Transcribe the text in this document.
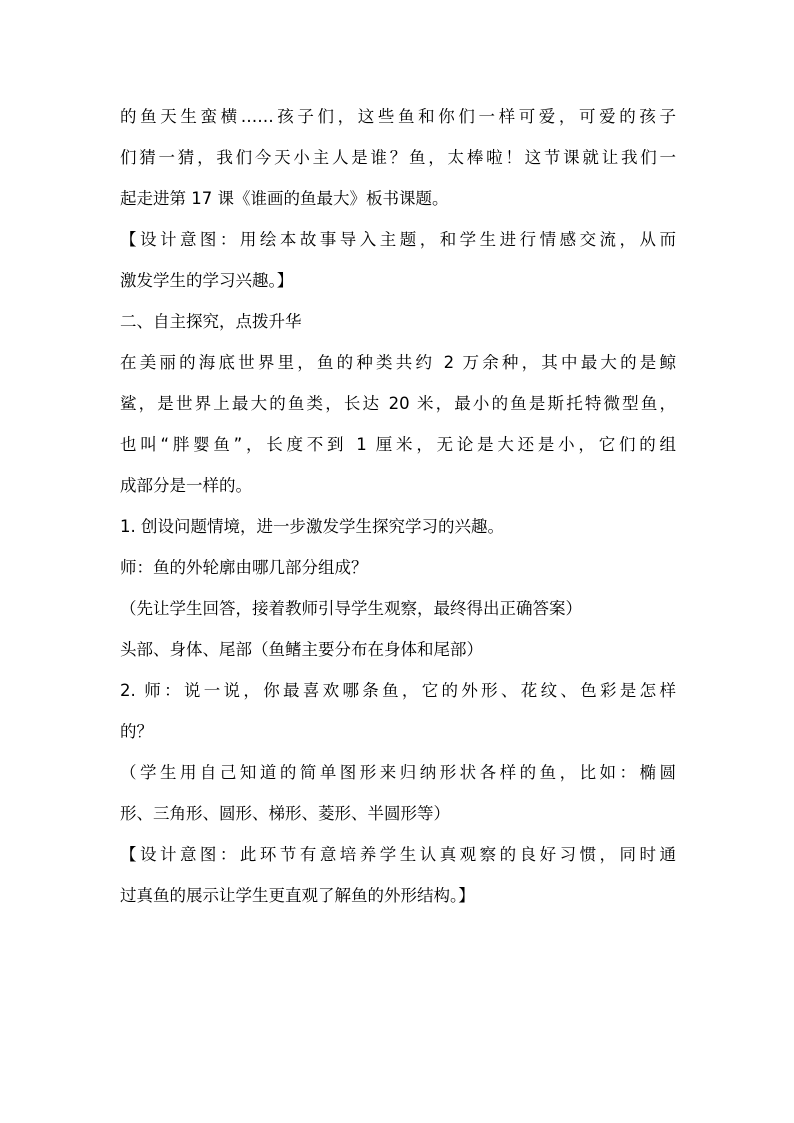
的鱼天生蛮横……孩子们，这些鱼和你们一样可爱，可爱的孩子
们猜一猜，我们今天小主人是谁？鱼，太棒啦！这节课就让我们一
起走进第 17 课《谁画的鱼最大》板书课题。
【设计意图：用绘本故事导入主题，和学生进行情感交流，从而
激发学生的学习兴趣。】
二、自主探究，点拨升华
在美丽的海底世界里，鱼的种类共约 2 万余种，其中最大的是鲸
鲨，是世界上最大的鱼类，长达 20 米，最小的鱼是斯托特微型鱼，
也叫“胖婴鱼”，长度不到 1 厘米，无论是大还是小，它们的组
成部分是一样的。
1. 创设问题情境，进一步激发学生探究学习的兴趣。
师：鱼的外轮廓由哪几部分组成？
（先让学生回答，接着教师引导学生观察，最终得出正确答案）
头部、身体、尾部（鱼鳍主要分布在身体和尾部）
2. 师：说一说，你最喜欢哪条鱼，它的外形、花纹、色彩是怎样
的？
（学生用自己知道的简单图形来归纳形状各样的鱼，比如：椭圆
形、三角形、圆形、梯形、菱形、半圆形等）
【设计意图：此环节有意培养学生认真观察的良好习惯，同时通
过真鱼的展示让学生更直观了解鱼的外形结构。】
